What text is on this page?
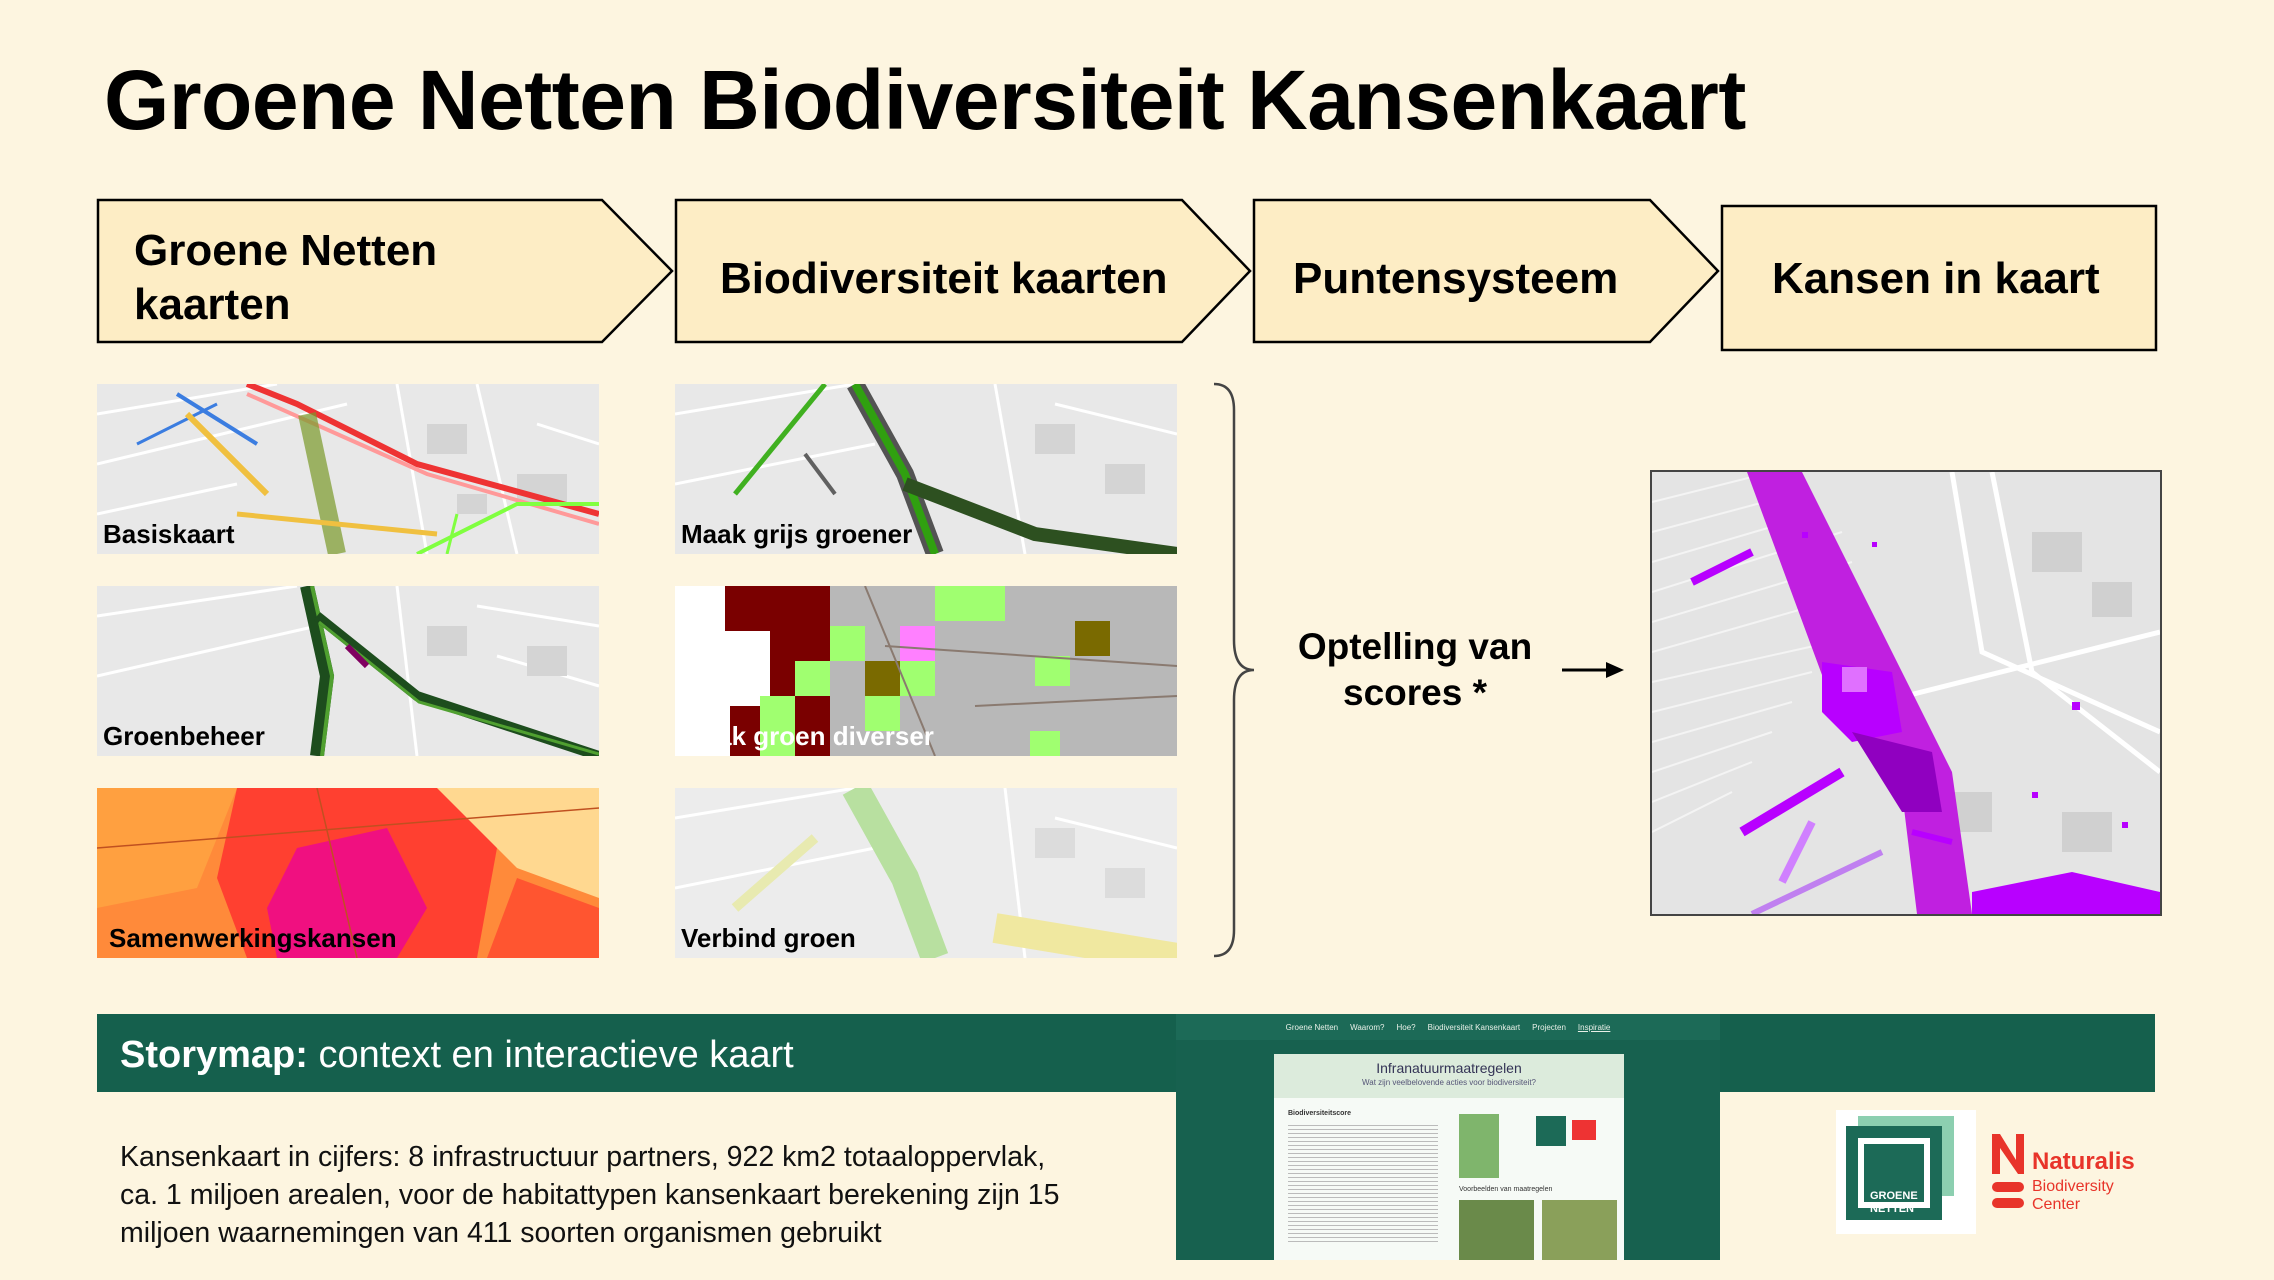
Groene Netten Biodiversiteit Kansenkaart
Groene Netten
kaarten
Biodiversiteit kaarten	Puntensysteem	Kansen in kaart
Basiskaart
Groenbeheer
Samenwerkingskansen
Maak grijs groener
Maak groen diverser
Verbind groen
Optelling van
scores *
Storymap: context en interactieve kaart
Kansenkaart in cijfers: 8 infrastructuur partners, 922 km2 totaaloppervlak,
ca. 1 miljoen arealen, voor de habitattypen kansenkaart berekening zijn 15
miljoen waarnemingen van 411 soorten organismen gebruikt
Groene Netten Waarom? Hoe? Biodiversiteit Kansenkaart Projecten Inspiratie
Infranatuurmaatregelen
Wat zijn veelbelovende acties voor biodiversiteit?
Biodiversiteitscore
Voorbeelden van maatregelen
GROENE
NETTEN
Naturalis
Biodiversity
Center
